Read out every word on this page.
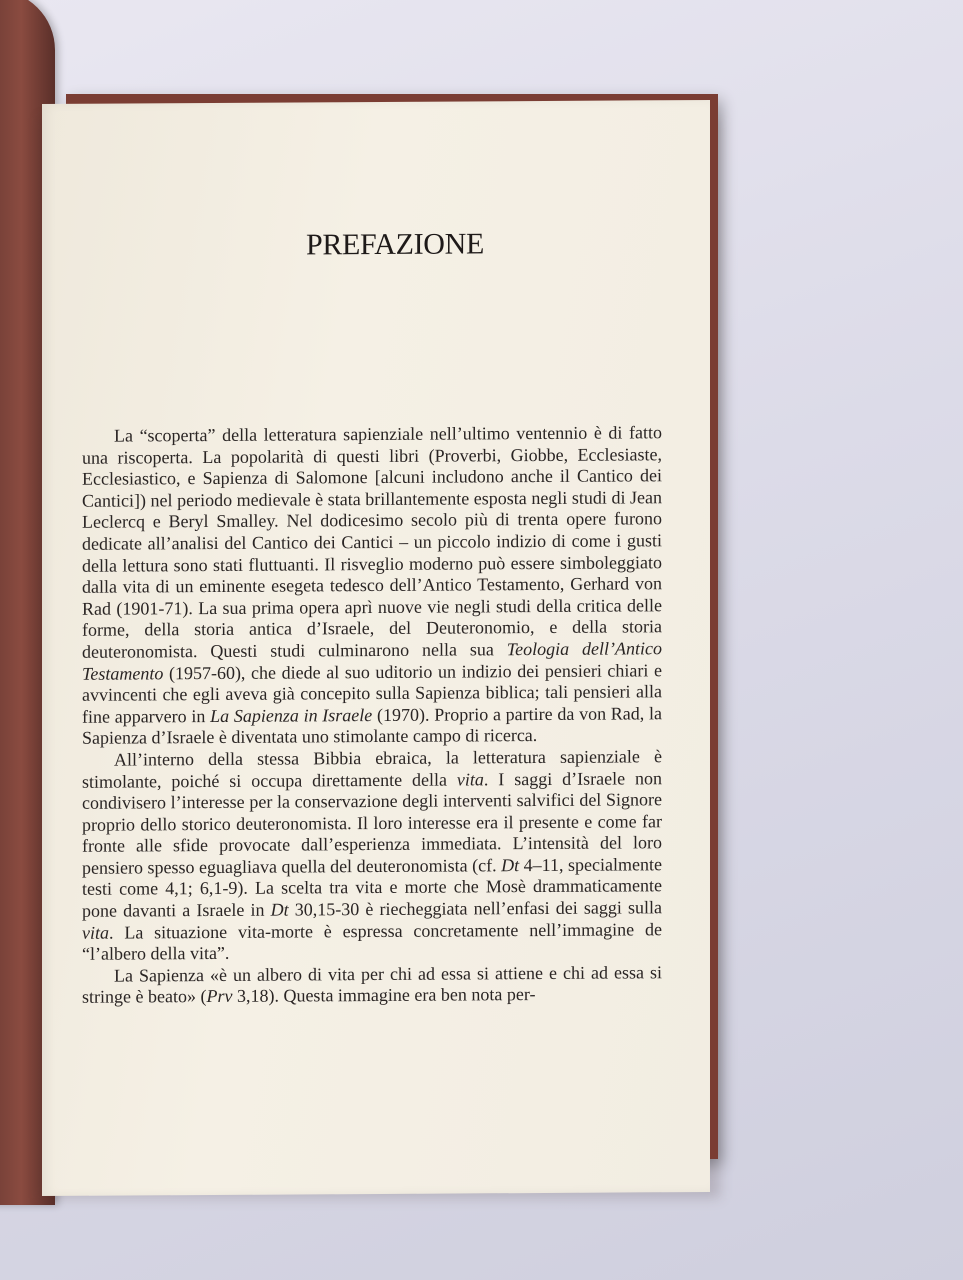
PREFAZIONE

La “scoperta” della letteratura sapienziale nell’ultimo ventennio è di fatto una riscoperta. La popolarità di questi libri (Proverbi, Giobbe, Ecclesiaste, Ecclesiastico, e Sapienza di Salomone [alcuni includono anche il Cantico dei Cantici]) nel periodo medievale è stata brillantemente esposta negli studi di Jean Leclercq e Beryl Smalley. Nel dodicesimo secolo più di trenta opere furono dedicate all’analisi del Cantico dei Cantici – un piccolo indizio di come i gusti della lettura sono stati fluttuanti. Il risveglio moderno può essere simboleggiato dalla vita di un eminente esegeta tedesco dell’Antico Testamento, Gerhard von Rad (1901-71). La sua prima opera aprì nuove vie negli studi della critica delle forme, della storia antica d’Israele, del Deuteronomio, e della storia deuteronomista. Questi studi culminarono nella sua Teologia dell’Antico Testamento (1957-60), che diede al suo uditorio un indizio dei pensieri chiari e avvincenti che egli aveva già concepito sulla Sapienza biblica; tali pensieri alla fine apparvero in La Sapienza in Israele (1970). Proprio a partire da von Rad, la Sapienza d’Israele è diventata uno stimolante campo di ricerca.

All’interno della stessa Bibbia ebraica, la letteratura sapienziale è stimolante, poiché si occupa direttamente della vita. I saggi d’Israele non condivisero l’interesse per la conservazione degli interventi salvifici del Signore proprio dello storico deuteronomista. Il loro interesse era il presente e come far fronte alle sfide provocate dall’esperienza immediata. L’intensità del loro pensiero spesso eguagliava quella del deuteronomista (cf. Dt 4–11, specialmente testi come 4,1; 6,1-9). La scelta tra vita e morte che Mosè drammaticamente pone davanti a Israele in Dt 30,15-30 è riecheggiata nell’enfasi dei saggi sulla vita. La situazione vita-morte è espressa concretamente nell’immagine de “l’albero della vita”.

La Sapienza «è un albero di vita per chi ad essa si attiene e chi ad essa si stringe è beato» (Prv 3,18). Questa immagine era ben nota per-
